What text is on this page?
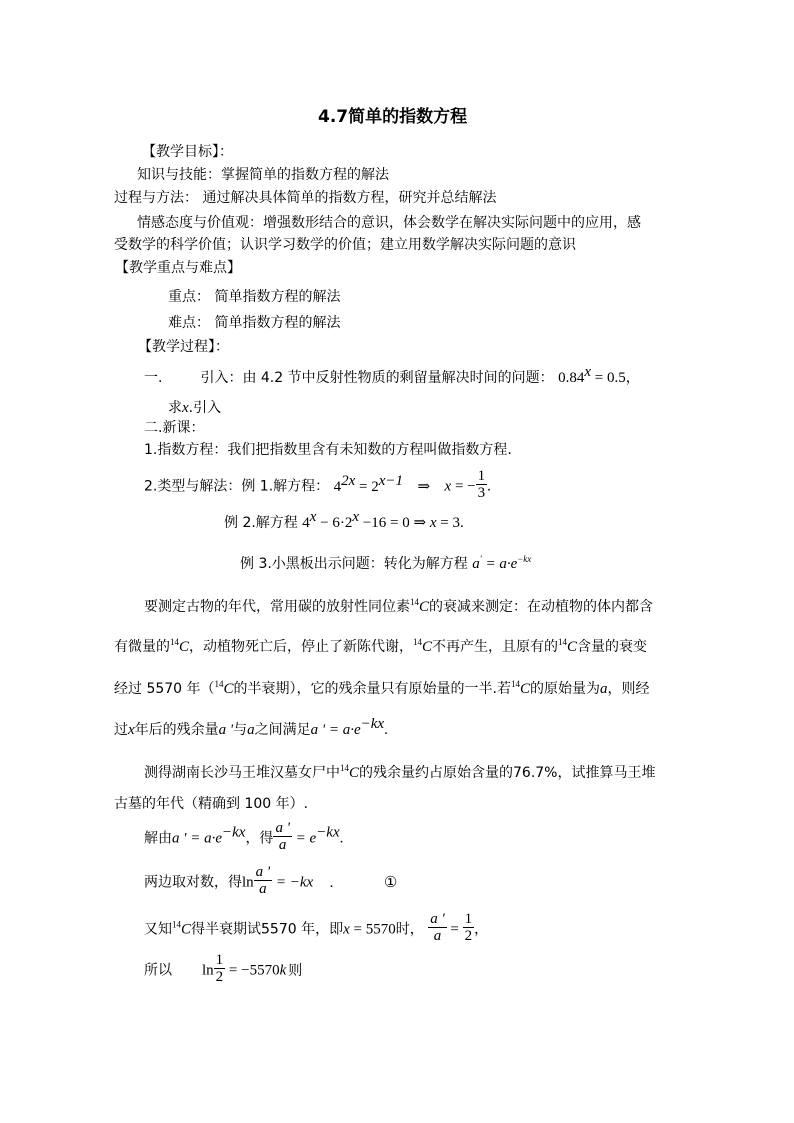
4.7简单的指数方程
【教学目标】：
知识与技能：掌握简单的指数方程的解法
过程与方法： 通过解决具体简单的指数方程，研究并总结解法
情感态度与价值观：增强数形结合的意识，体会数学在解决实际问题中的应用，感
受数学的科学价值；认识学习数学的价值；建立用数学解决实际问题的意识
【教学重点与难点】
重点： 简单指数方程的解法
难点： 简单指数方程的解法
【教学过程】：
一.	引入：由 4.2 节中反射性物质的剩留量解决时间的问题： $0.84^x = 0.5$，
求x.引入
二.新课：
1.指数方程：我们把指数里含有未知数的方程叫做指数方程.
2.类型与解法：例 1.解方程： $4^{2x} = 2^{x-1}$ ⇒ x = − $\frac{1}{3}$ .
例 2.解方程 $4^x - 6\cdot 2^x -16 = 0$ ⇒ x = 3.
例 3.小黑板出示问题：转化为解方程 $a' = a\cdot e^{-kx}$
要测定古物的年代，常用碳的放射性同位素$^{14}$C的衰减来测定：在动植物的体内都含
有微量的$^{14}$C，动植物死亡后，停止了新陈代谢，$^{14}$C不再产生，且原有的$^{14}$C含量的衰变
经过 5570 年（$^{14}$C的半衰期），它的残余量只有原始量的一半.若$^{14}$C的原始量为a，则经
过x年后的残余量a '与a之间满足a ' = $a\cdot e^{-kx}$.
测得湖南长沙马王堆汉墓女尸中$^{14}$C的残余量约占原始含量的76.7%，试推算马王堆
古墓的年代（精确到 100 年）.
解由a ' = $a\cdot e^{-kx}$，得 $\frac{a '}{a} = e^{-kx}$.
两边取对数，得$\ln \frac{a '}{a} = -kx$ .	①
又知$^{14}$C得半衰期试5570 年，即x = 5570时， $\frac{a '}{a} = \frac{1}{2}$ ，
所以 $\ln \frac{1}{2} = -5570k$ 则
